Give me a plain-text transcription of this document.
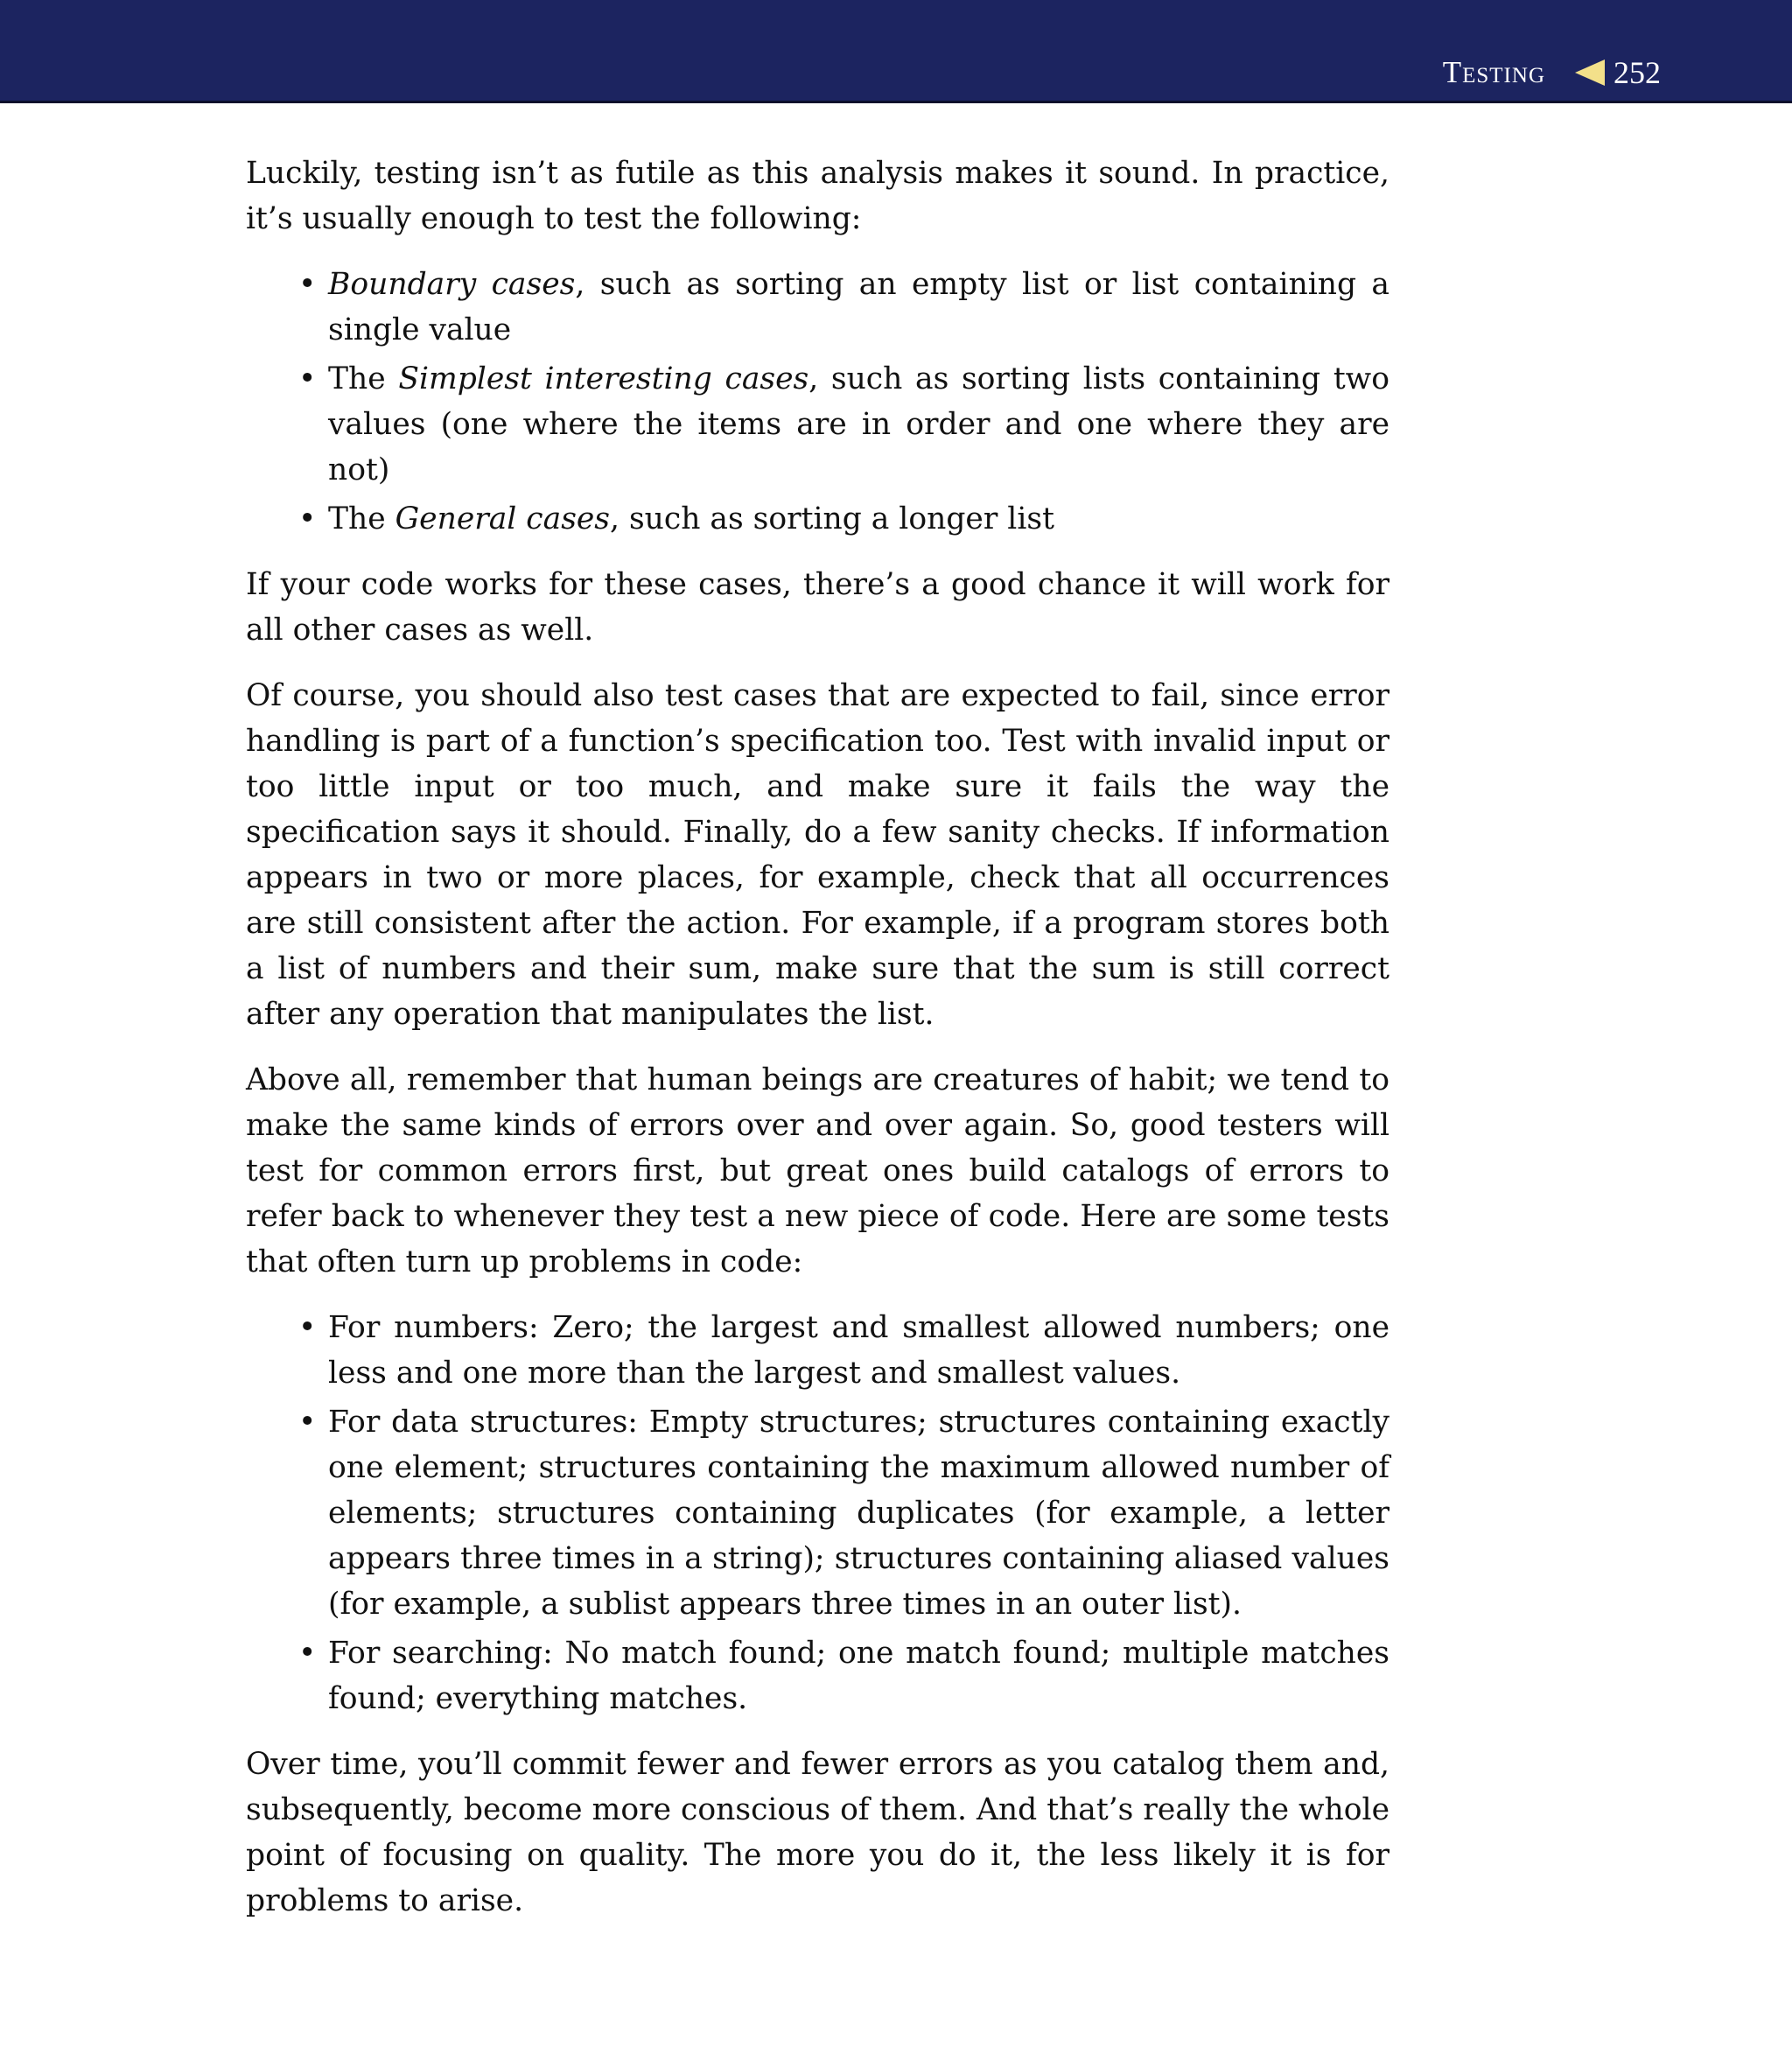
Testing 252

Luckily, testing isn’t as futile as this analysis makes it sound. In practice, it’s usually enough to test the following:

• Boundary cases, such as sorting an empty list or list containing a single value
• The Simplest interesting cases, such as sorting lists containing two values (one where the items are in order and one where they are not)
• The General cases, such as sorting a longer list

If your code works for these cases, there’s a good chance it will work for all other cases as well.

Of course, you should also test cases that are expected to fail, since error handling is part of a function’s specification too. Test with invalid input or too little input or too much, and make sure it fails the way the specification says it should. Finally, do a few sanity checks. If information appears in two or more places, for example, check that all occurrences are still consistent after the action. For example, if a program stores both a list of numbers and their sum, make sure that the sum is still correct after any operation that manipulates the list.

Above all, remember that human beings are creatures of habit; we tend to make the same kinds of errors over and over again. So, good testers will test for common errors first, but great ones build catalogs of errors to refer back to whenever they test a new piece of code. Here are some tests that often turn up problems in code:

• For numbers: Zero; the largest and smallest allowed numbers; one less and one more than the largest and smallest values.
• For data structures: Empty structures; structures containing exactly one element; structures containing the maximum allowed number of elements; structures containing duplicates (for example, a letter appears three times in a string); structures containing aliased values (for example, a sublist appears three times in an outer list).
• For searching: No match found; one match found; multiple matches found; everything matches.

Over time, you’ll commit fewer and fewer errors as you catalog them and, subsequently, become more conscious of them. And that’s really the whole point of focusing on quality. The more you do it, the less likely it is for problems to arise.
